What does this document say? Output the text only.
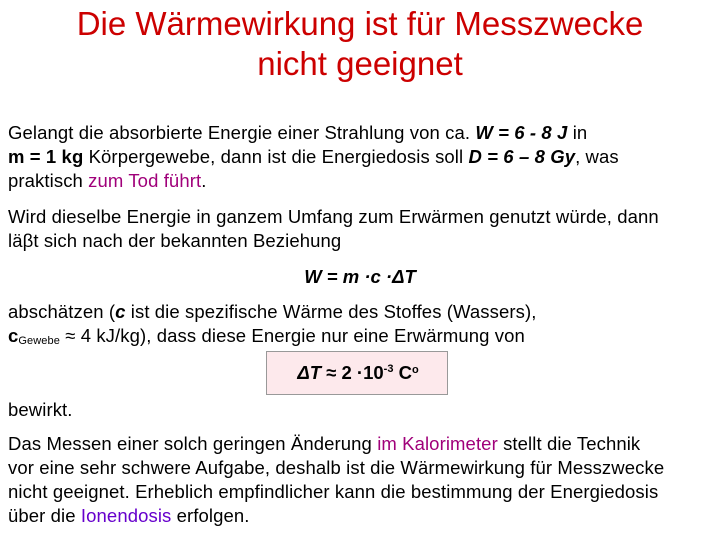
Die Wärmewirkung ist für Messzwecke
nicht geeignet
Gelangt die absorbierte Energie einer Strahlung von ca. W = 6 - 8 J in
m = 1 kg Körpergewebe, dann ist die Energiedosis soll D = 6 – 8 Gy, was
praktisch zum Tod führt.
Wird dieselbe Energie in ganzem Umfang zum Erwärmen genutzt würde, dann
läβt sich nach der bekannten Beziehung
W = m ·c ·ΔT
abschätzen (c ist die spezifische Wärme des Stoffes (Wassers),
$c_{Gewebe} \approx 4$ kJ/kg), dass diese Energie nur eine Erwärmung von
$\Delta T \approx 2 \cdot 10^{-3}$ $C^o$
bewirkt.
Das Messen einer solch geringen Änderung im Kalorimeter stellt die Technik
vor eine sehr schwere Aufgabe, deshalb ist die Wärmewirkung für Messzwecke
nicht geeignet. Erheblich empfindlicher kann die bestimmung der Energiedosis
über die Ionendosis erfolgen.
